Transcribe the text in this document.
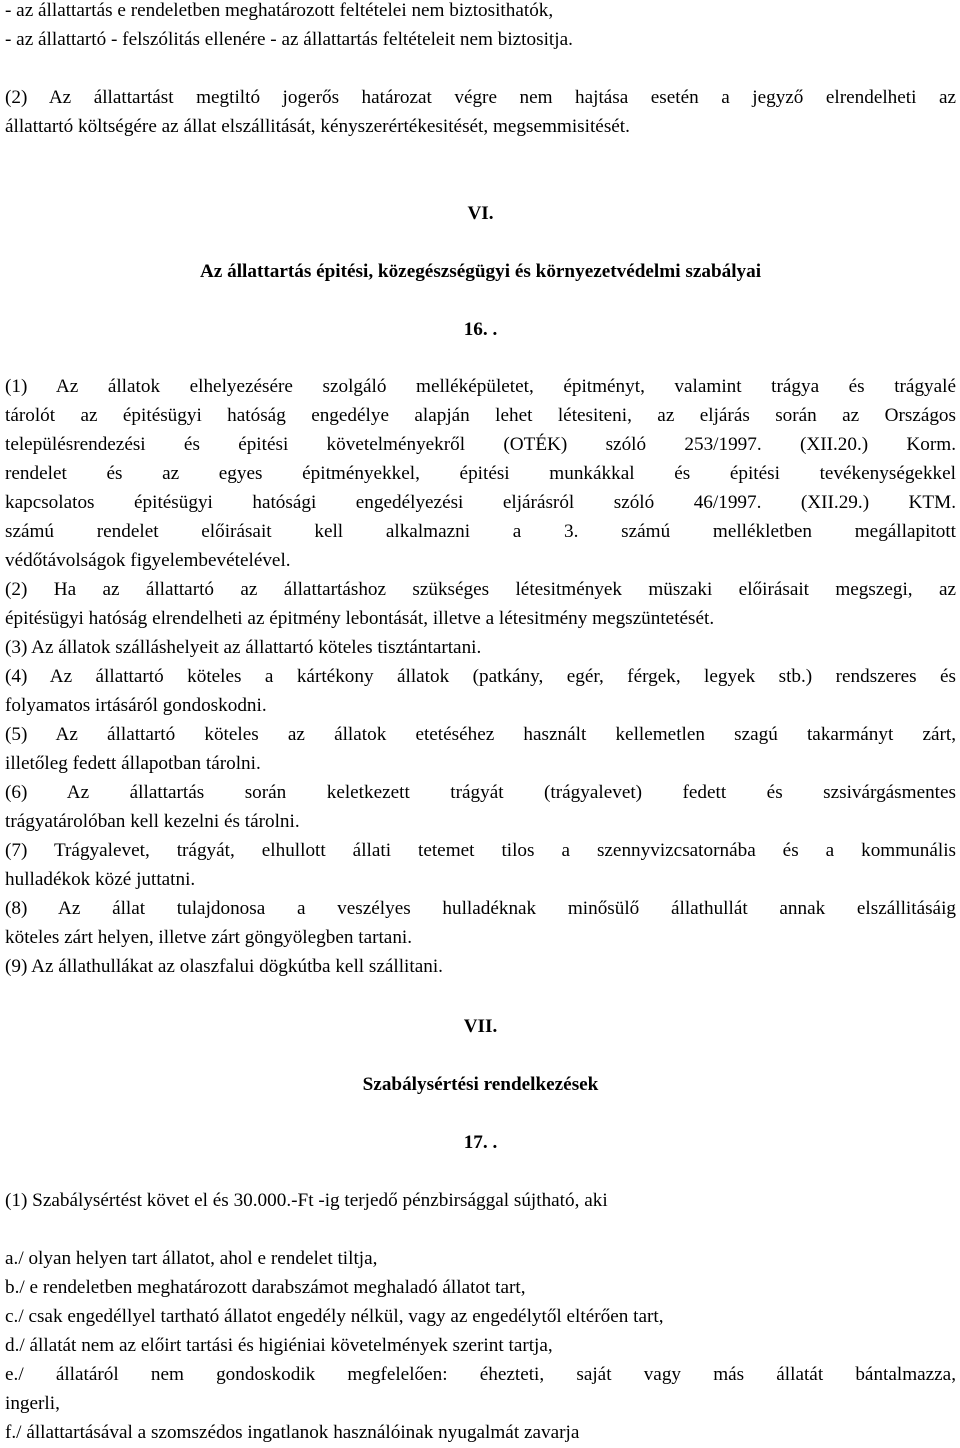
- az állattartás e rendeletben meghatározott feltételei nem biztosithatók,
- az állattartó - felszólitás ellenére - az állattartás feltételeit nem biztositja.
(2) Az állattartást megtiltó jogerős határozat végre nem hajtása esetén a jegyző elrendelheti az
állattartó költségére az állat elszállitását, kényszerértékesitését, megsemmisitését.
VI.
Az állattartás épitési, közegészségügyi és környezetvédelmi szabályai
16. .
(1) Az állatok elhelyezésére szolgáló melléképületet, épitményt, valamint trágya és trágyalé
tárolót az épitésügyi hatóság engedélye alapján lehet létesiteni, az eljárás során az Országos
településrendezési és épitési követelményekről (OTÉK) szóló 253/1997. (XII.20.) Korm.
rendelet és az egyes épitményekkel, épitési munkákkal és épitési tevékenységekkel
kapcsolatos épitésügyi hatósági engedélyezési eljárásról szóló 46/1997. (XII.29.) KTM.
számú rendelet előirásait kell alkalmazni a 3. számú mellékletben megállapitott
védőtávolságok figyelembevételével.
(2) Ha az állattartó az állattartáshoz szükséges létesitmények müszaki előirásait megszegi, az
épitésügyi hatóság elrendelheti az épitmény lebontását, illetve a létesitmény megszüntetését.
(3) Az állatok szálláshelyeit az állattartó köteles tisztántartani.
(4) Az állattartó köteles a kártékony állatok (patkány, egér, férgek, legyek stb.) rendszeres és
folyamatos irtásáról gondoskodni.
(5) Az állattartó köteles az állatok etetéséhez használt kellemetlen szagú takarmányt zárt,
illetőleg fedett állapotban tárolni.
(6) Az állattartás során keletkezett trágyát (trágyalevet) fedett és szsivárgásmentes
trágyatárolóban kell kezelni és tárolni.
(7) Trágyalevet, trágyát, elhullott állati tetemet tilos a szennyvizcsatornába és a kommunális
hulladékok közé juttatni.
(8) Az állat tulajdonosa a veszélyes hulladéknak minősülő állathullát annak elszállitásáig
köteles zárt helyen, illetve zárt göngyölegben tartani.
(9) Az állathullákat az olaszfalui dögkútba kell szállitani.
VII.
Szabálysértési rendelkezések
17. .
(1) Szabálysértést követ el és 30.000.-Ft -ig terjedő pénzbirsággal sújtható, aki
a./ olyan helyen tart állatot, ahol e rendelet tiltja,
b./ e rendeletben meghatározott darabszámot meghaladó állatot tart,
c./ csak engedéllyel tartható állatot engedély nélkül, vagy az engedélytől eltérően tart,
d./ állatát nem az előirt tartási és higiéniai követelmények szerint tartja,
e./ állatáról nem gondoskodik megfelelően: éhezteti, saját vagy más állatát bántalmazza,
ingerli,
f./ állattartásával a szomszédos ingatlanok használóinak nyugalmát zavarja
